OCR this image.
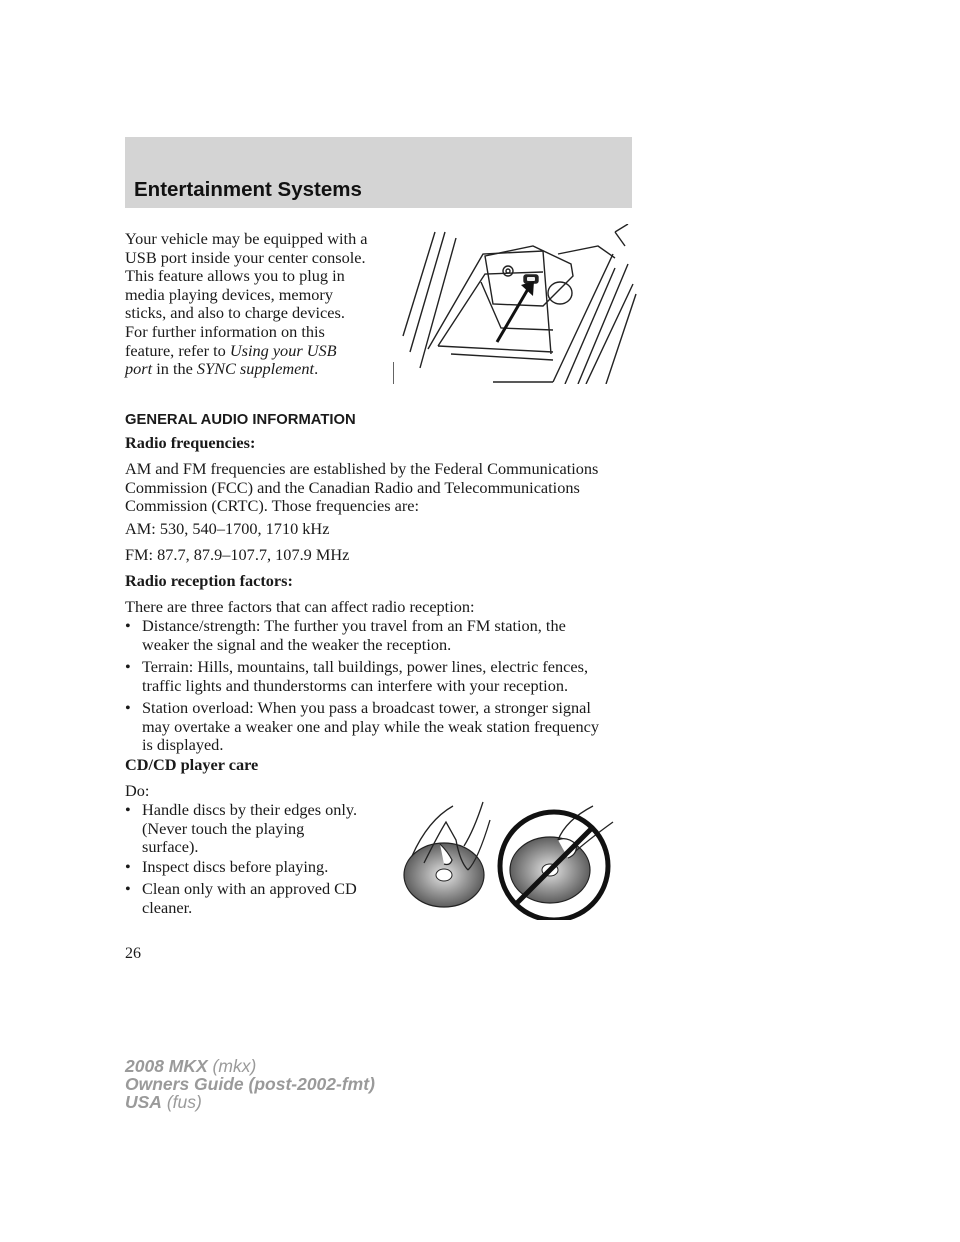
Entertainment Systems

Your vehicle may be equipped with a
USB port inside your center console.
This feature allows you to plug in
media playing devices, memory
sticks, and also to charge devices.
For further information on this
feature, refer to Using your USB
port in the SYNC supplement.

GENERAL AUDIO INFORMATION

Radio frequencies:

AM and FM frequencies are established by the Federal Communications
Commission (FCC) and the Canadian Radio and Telecommunications
Commission (CRTC). Those frequencies are:

AM: 530, 540–1700, 1710 kHz

FM: 87.7, 87.9–107.7, 107.9 MHz

Radio reception factors:

There are three factors that can affect radio reception:

• Distance/strength: The further you travel from an FM station, the
weaker the signal and the weaker the reception.
• Terrain: Hills, mountains, tall buildings, power lines, electric fences,
traffic lights and thunderstorms can interfere with your reception.
• Station overload: When you pass a broadcast tower, a stronger signal
may overtake a weaker one and play while the weak station frequency
is displayed.

CD/CD player care

Do:

• Handle discs by their edges only.
(Never touch the playing
surface).
• Inspect discs before playing.
• Clean only with an approved CD
cleaner.

26

2008 MKX (mkx)
Owners Guide (post-2002-fmt)
USA (fus)
